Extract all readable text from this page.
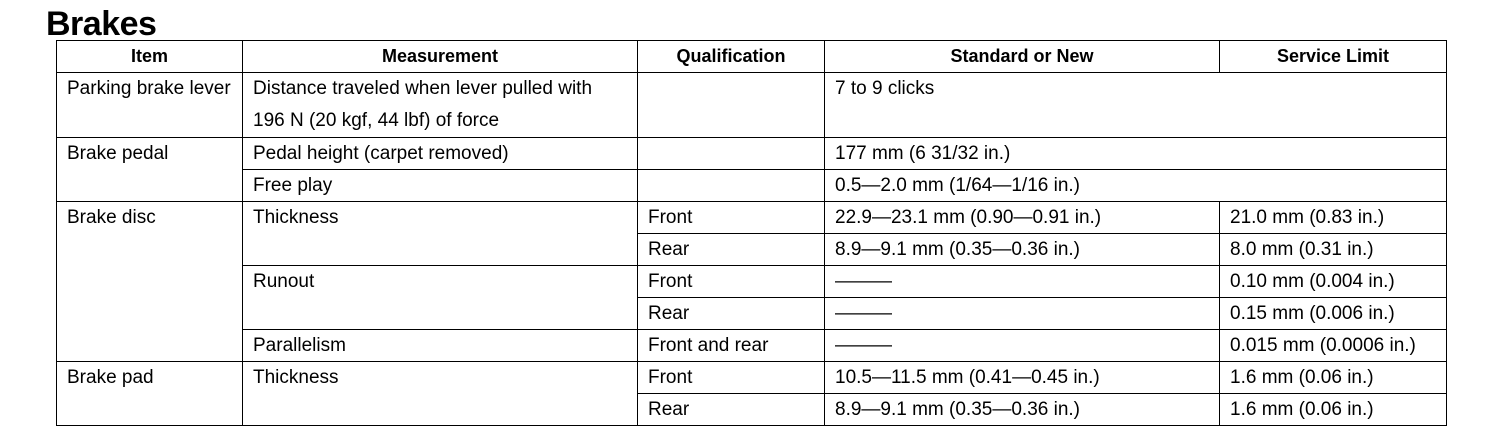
Brakes
Item	Measurement	Qualification	Standard or New	Service Limit
Parking brake lever	Distance traveled when lever pulled with 196 N (20 kgf, 44 lbf) of force		7 to 9 clicks	
Brake pedal	Pedal height (carpet removed)		177 mm (6 31/32 in.)	
	Free play		0.5—2.0 mm (1/64—1/16 in.)	
Brake disc	Thickness	Front	22.9—23.1 mm (0.90—0.91 in.)	21.0 mm (0.83 in.)
		Rear	8.9—9.1 mm (0.35—0.36 in.)	8.0 mm (0.31 in.)
	Runout	Front	———	0.10 mm (0.004 in.)
		Rear	———	0.15 mm (0.006 in.)
	Parallelism	Front and rear	———	0.015 mm (0.0006 in.)
Brake pad	Thickness	Front	10.5—11.5 mm (0.41—0.45 in.)	1.6 mm (0.06 in.)
		Rear	8.9—9.1 mm (0.35—0.36 in.)	1.6 mm (0.06 in.)
